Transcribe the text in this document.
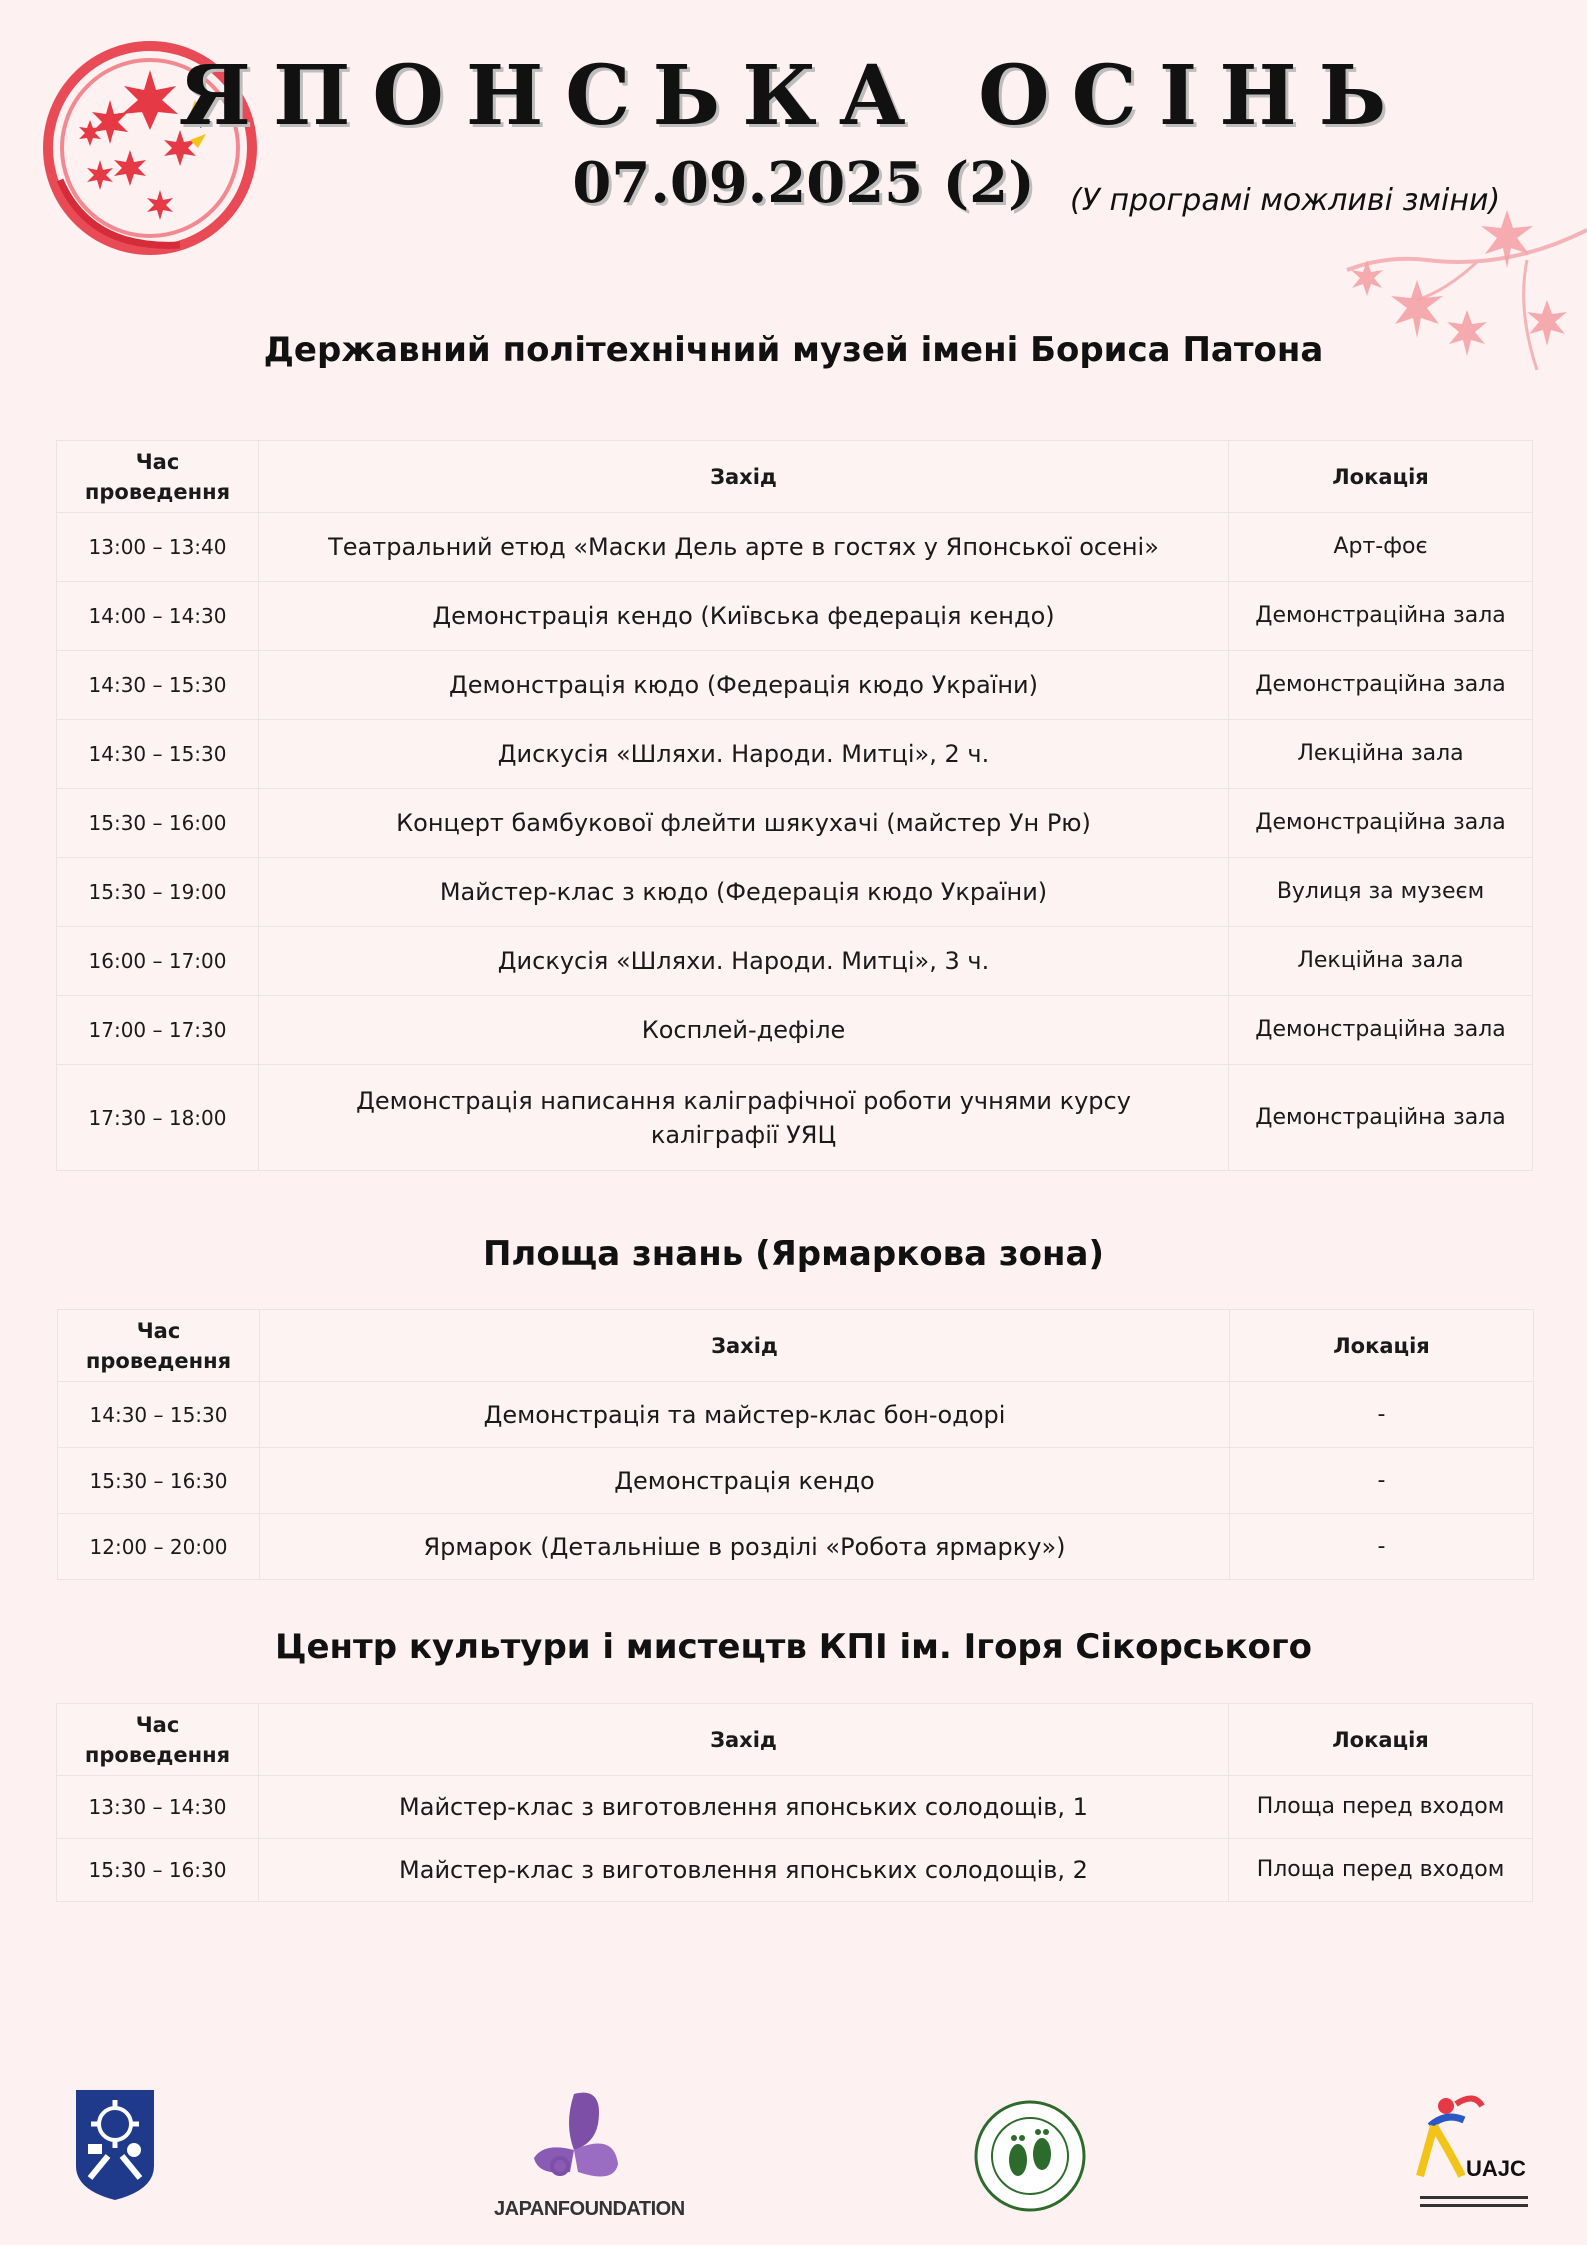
ЯПОНСЬКА ОСІНЬ
07.09.2025 (2)	(У програмі можливі зміни)
Державний політехнічний музей імені Бориса Патона
Час проведення	Захід	Локація
13:00 – 13:40	Театральний етюд «Маски Дель арте в гостях у Японської осені»	Арт-фоє
14:00 – 14:30	Демонстрація кендо (Київська федерація кендо)	Демонстраційна зала
14:30 – 15:30	Демонстрація кюдо (Федерація кюдо України)	Демонстраційна зала
14:30 – 15:30	Дискусія «Шляхи. Народи. Митці», 2 ч.	Лекційна зала
15:30 – 16:00	Концерт бамбукової флейти шякухачі (майстер Ун Рю)	Демонстраційна зала
15:30 – 19:00	Майстер-клас з кюдо (Федерація кюдо України)	Вулиця за музеєм
16:00 – 17:00	Дискусія «Шляхи. Народи. Митці», 3 ч.	Лекційна зала
17:00 – 17:30	Косплей-дефіле	Демонстраційна зала
17:30 – 18:00	Демонстрація написання каліграфічної роботи учнями курсу каліграфії УЯЦ	Демонстраційна зала
Площа знань (Ярмаркова зона)
Час проведення	Захід	Локація
14:30 – 15:30	Демонстрація та майстер-клас бон-одорі	-
15:30 – 16:30	Демонстрація кендо	-
12:00 – 20:00	Ярмарок (Детальніше в розділі «Робота ярмарку»)	-
Центр культури і мистецтв КПІ ім. Ігоря Сікорського
Час проведення	Захід	Локація
13:30 – 14:30	Майстер-клас з виготовлення японських солодощів, 1	Площа перед входом
15:30 – 16:30	Майстер-клас з виготовлення японських солодощів, 2	Площа перед входом
JAPANFOUNDATION
UAJC
